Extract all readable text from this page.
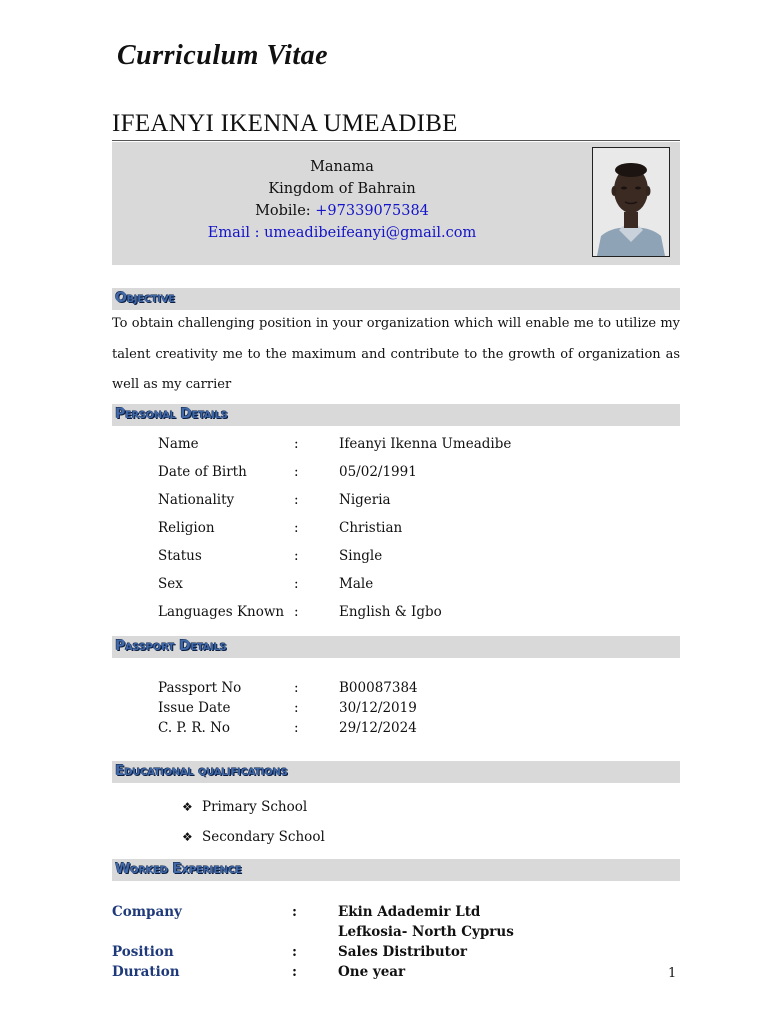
Curriculum Vitae
IFEANYI IKENNA UMEADIBE
Manama
Kingdom of Bahrain
Mobile: +97339075384
Email : umeadibeifeanyi@gmail.com
Objective
To obtain challenging position in your organization which will enable me to utilize my talent creativity me to the maximum and contribute to the growth of organization as well as my carrier
Personal Details
Name	:	Ifeanyi Ikenna Umeadibe
Date of Birth	:	05/02/1991
Nationality	:	Nigeria
Religion	:	Christian
Status	:	Single
Sex	:	Male
Languages Known :	English & Igbo
Passport Details
Passport No	:	B00087384
Issue Date	:	30/12/2019
C. P. R. No	:	29/12/2024
Educational qualifications
❖ Primary School
❖ Secondary School
Worked Experience
Company	:	Ekin Adademir Ltd
Lefkosia- North Cyprus
Position	:	Sales Distributor
Duration	:	One year	1
